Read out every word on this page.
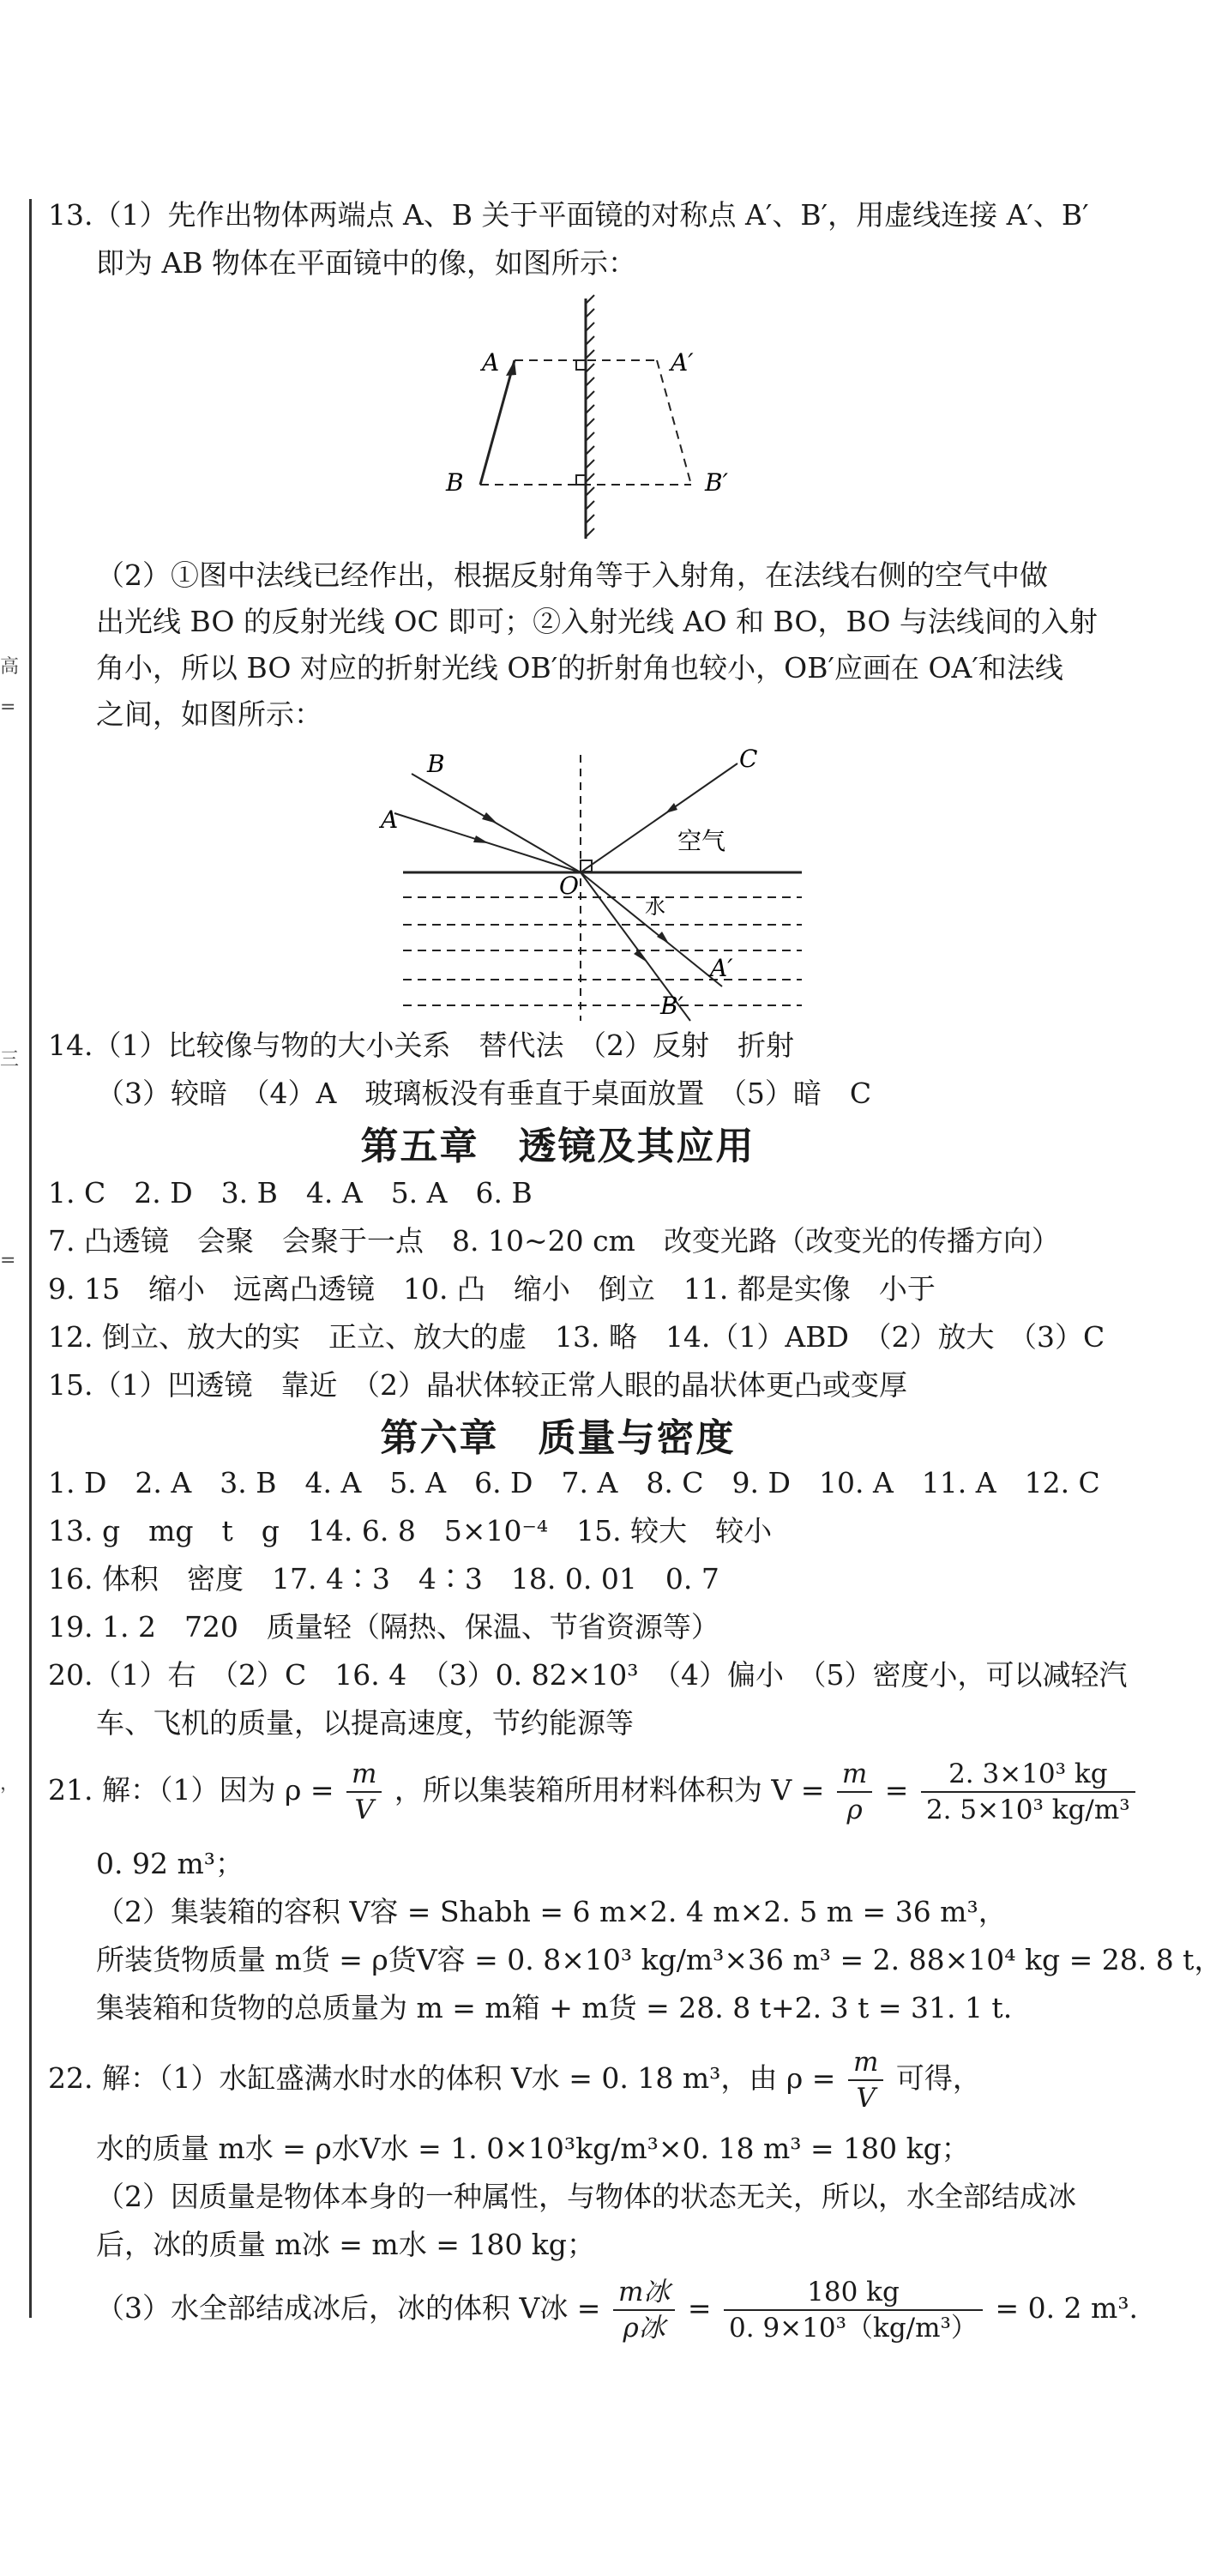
高
=
三
=
，
13.（1）先作出物体两端点 A、B 关于平面镜的对称点 A′、B′，用虚线连接 A′、B′
即为 AB 物体在平面镜中的像，如图所示：
A
B
A′
B′
（2）①图中法线已经作出，根据反射角等于入射角，在法线右侧的空气中做
出光线 BO 的反射光线 OC 即可；②入射光线 AO 和 BO，BO 与法线间的入射
角小，所以 BO 对应的折射光线 OB′的折射角也较小，OB′应画在 OA′和法线
之间，如图所示：
B
A
C
O
空气
水
A′
B′
14.（1）比较像与物的大小关系　替代法　（2）反射　折射
（3）较暗　（4）A　玻璃板没有垂直于桌面放置　（5）暗　C
第五章　透镜及其应用
1. C　2. D　3. B　4. A　5. A　6. B
7. 凸透镜　会聚　会聚于一点　8. 10~20 cm　改变光路（改变光的传播方向）
9. 15　缩小　远离凸透镜　10. 凸　缩小　倒立　11. 都是实像　小于
12. 倒立、放大的实　正立、放大的虚　13. 略　14.（1）ABD　（2）放大　（3）C
15.（1）凹透镜　靠近　（2）晶状体较正常人眼的晶状体更凸或变厚
第六章　质量与密度
1. D　2. A　3. B　4. A　5. A　6. D　7. A　8. C　9. D　10. A　11. A　12. C
13. g　mg　t　g　14. 6. 8　5×10⁻⁴　15. 较大　较小
16. 体积　密度　17. 4∶3　4∶3　18. 0. 01　0. 7
19. 1. 2　720　质量轻（隔热、保温、节省资源等）
20.（1）右　（2）C　16. 4　（3）0. 82×10³　（4）偏小　（5）密度小，可以减轻汽
车、飞机的质量，以提高速度，节约能源等
21. 解：（1）因为 $\rho = \frac{m}{V}$ ，所以集装箱所用材料体积为 $V = \frac{m}{\rho} = \frac{\text{2. 3×10³ kg}}{\text{2. 5×10³ kg/m³}}$
0. 92 m³；
（2）集装箱的容积 V容 = Shabh = 6 m×2. 4 m×2. 5 m = 36 m³，
所装货物质量 m货 = ρ货V容 = 0. 8×10³ kg/m³×36 m³ = 2. 88×10⁴ kg = 28. 8 t，
集装箱和货物的总质量为 m = m箱 + m货 = 28. 8 t+2. 3 t = 31. 1 t.
22. 解：（1）水缸盛满水时水的体积 V水 = 0. 18 m³，由 $\rho = \frac{m}{V}$ 可得，
水的质量 m水 = ρ水V水 = 1. 0×10³kg/m³×0. 18 m³ = 180 kg；
（2）因质量是物体本身的一种属性，与物体的状态无关，所以，水全部结成冰
后，冰的质量 m冰 = m水 = 180 kg；
（3）水全部结成冰后，冰的体积 V冰 = $\frac{\text{m冰}}{\text{ρ冰}} = \frac{180 kg}{\text{0. 9×10³（kg/m³）}} = 0$. 2 m³.
